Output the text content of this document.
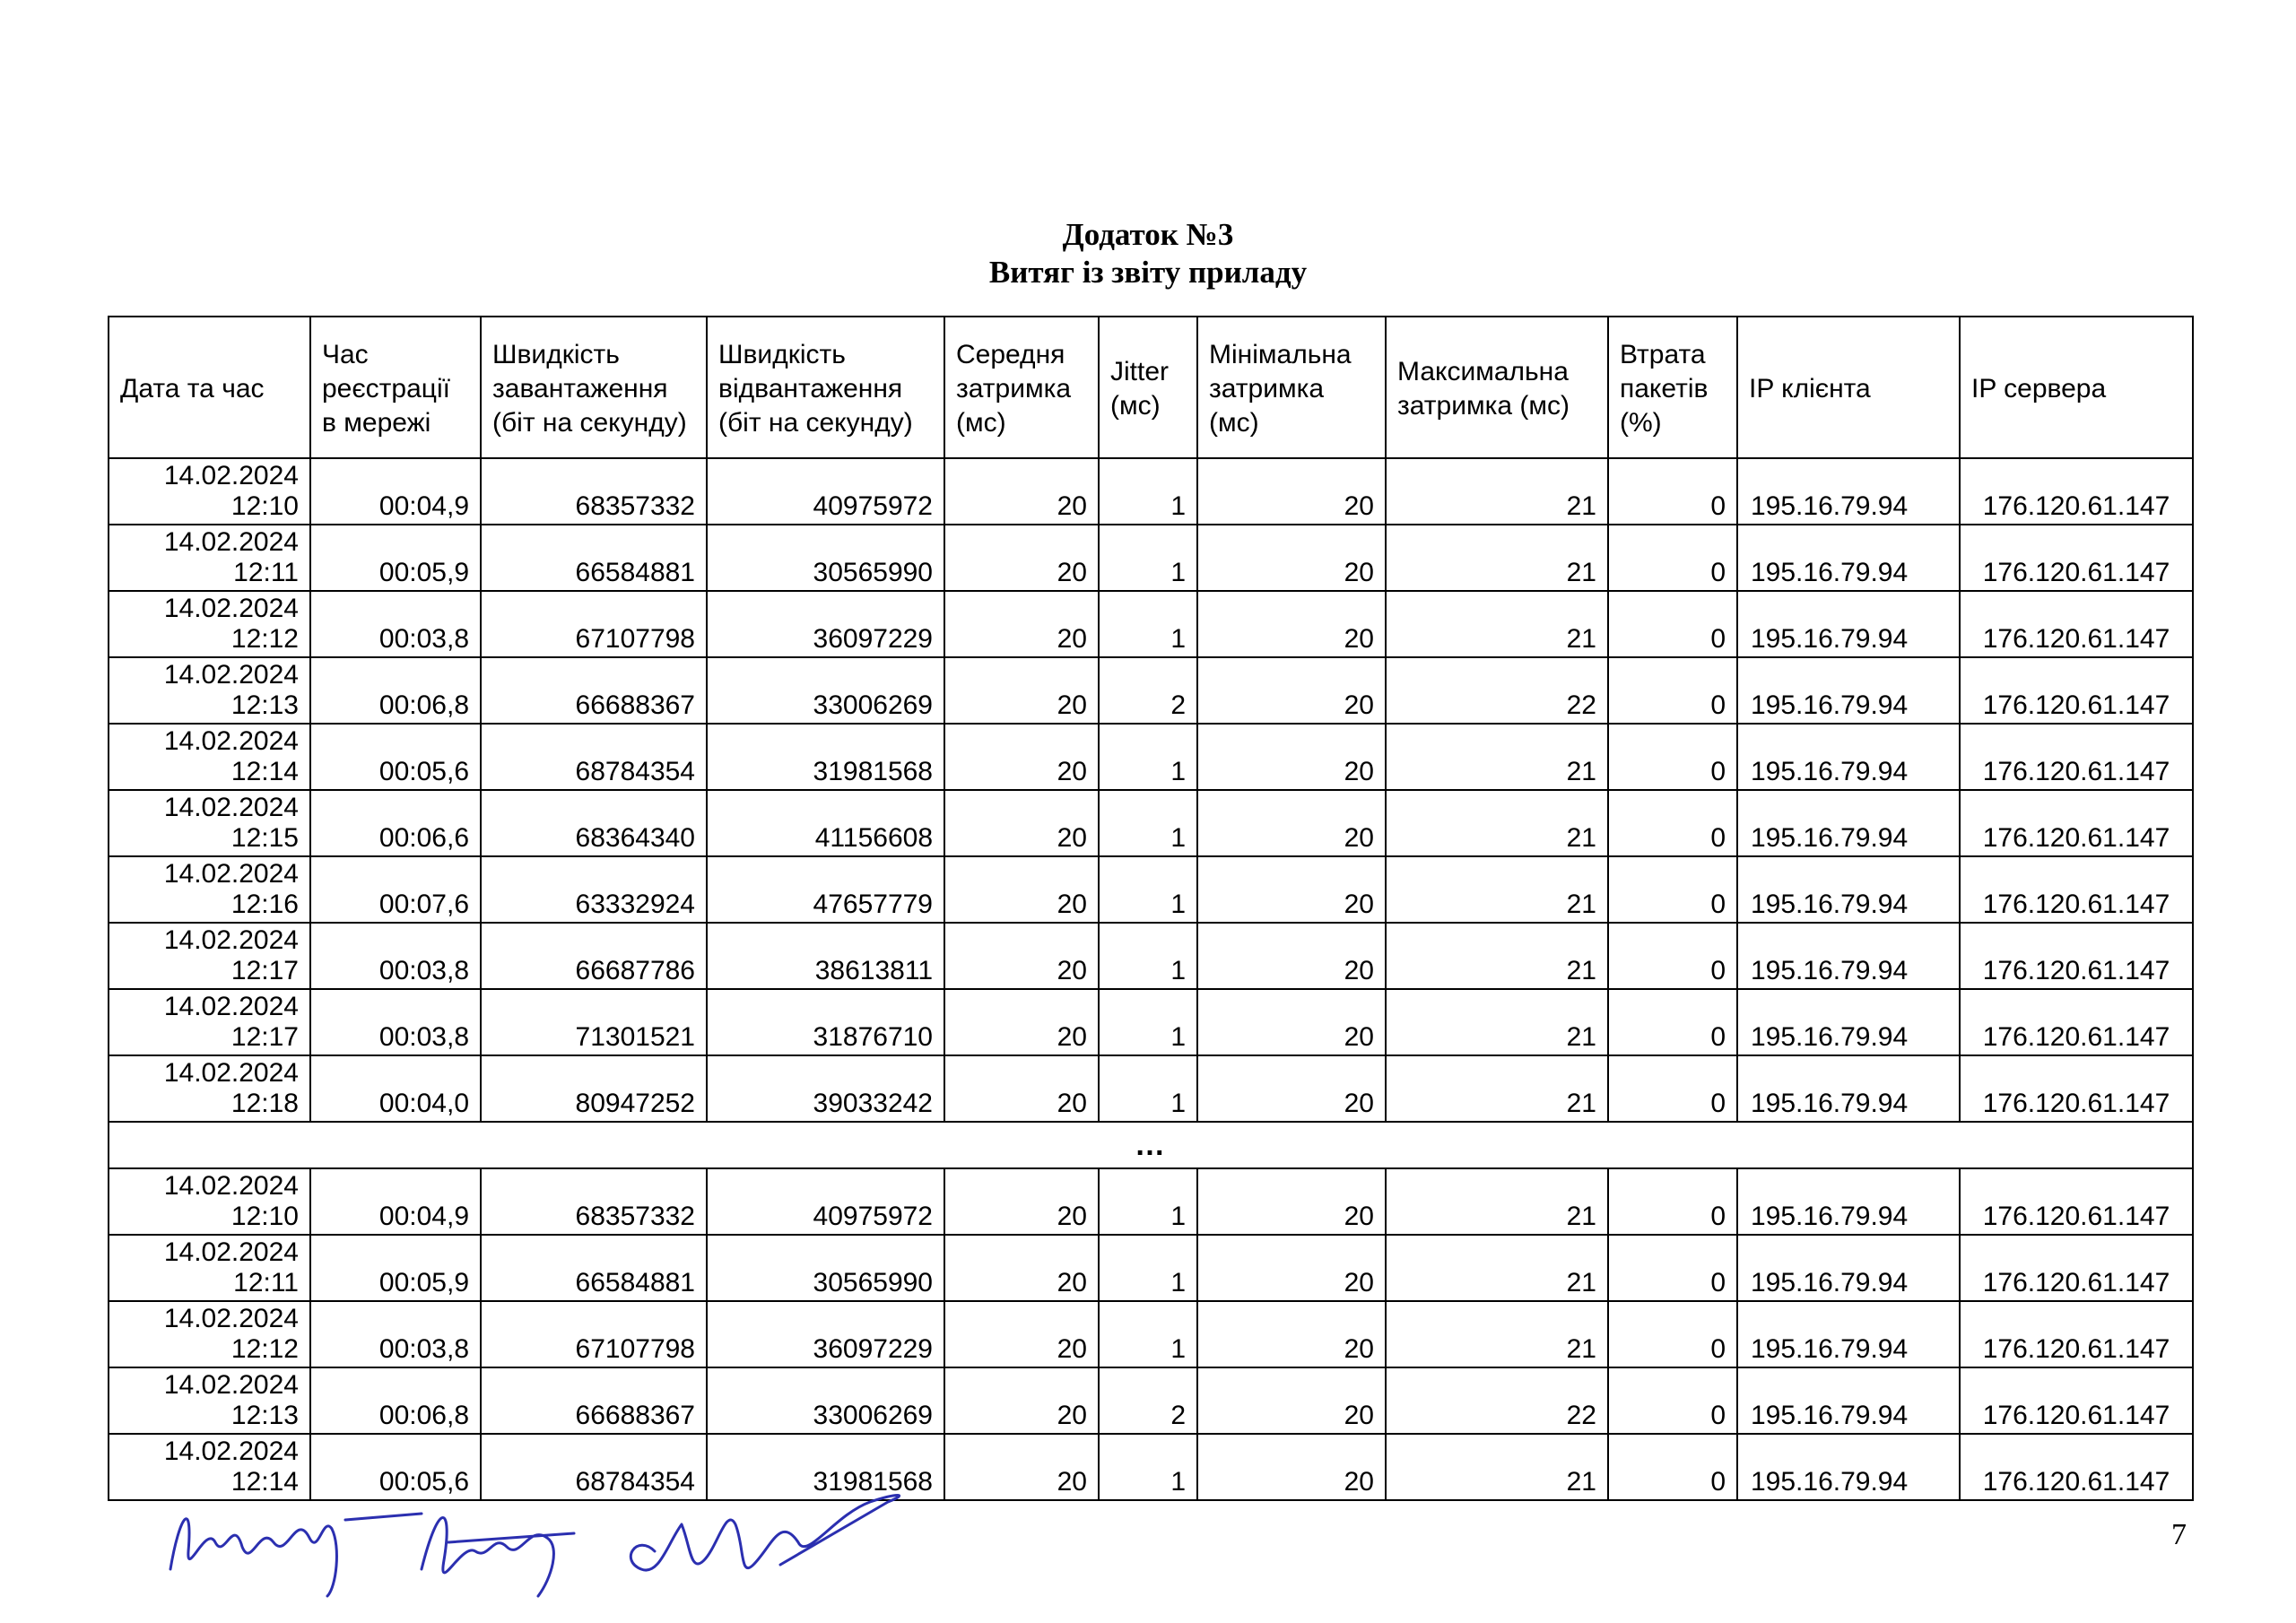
Додаток №3
Витяг із звіту приладу
Дата та час	Час реєстрації в мережі	Швидкість завантаження (біт на секунду)	Швидкість відвантаження (біт на секунду)	Середня затримка (мс)	Jitter (мс)	Мінімальна затримка (мс)	Максимальна затримка (мс)	Втрата пакетів (%)	IP клієнта	IP сервера
14.02.2024 12:10	00:04,9	68357332	40975972	20	1	20	21	0	195.16.79.94	176.120.61.147
14.02.2024 12:11	00:05,9	66584881	30565990	20	1	20	21	0	195.16.79.94	176.120.61.147
14.02.2024 12:12	00:03,8	67107798	36097229	20	1	20	21	0	195.16.79.94	176.120.61.147
14.02.2024 12:13	00:06,8	66688367	33006269	20	2	20	22	0	195.16.79.94	176.120.61.147
14.02.2024 12:14	00:05,6	68784354	31981568	20	1	20	21	0	195.16.79.94	176.120.61.147
14.02.2024 12:15	00:06,6	68364340	41156608	20	1	20	21	0	195.16.79.94	176.120.61.147
14.02.2024 12:16	00:07,6	63332924	47657779	20	1	20	21	0	195.16.79.94	176.120.61.147
14.02.2024 12:17	00:03,8	66687786	38613811	20	1	20	21	0	195.16.79.94	176.120.61.147
14.02.2024 12:17	00:03,8	71301521	31876710	20	1	20	21	0	195.16.79.94	176.120.61.147
14.02.2024 12:18	00:04,0	80947252	39033242	20	1	20	21	0	195.16.79.94	176.120.61.147
…										
14.02.2024 12:10	00:04,9	68357332	40975972	20	1	20	21	0	195.16.79.94	176.120.61.147
14.02.2024 12:11	00:05,9	66584881	30565990	20	1	20	21	0	195.16.79.94	176.120.61.147
14.02.2024 12:12	00:03,8	67107798	36097229	20	1	20	21	0	195.16.79.94	176.120.61.147
14.02.2024 12:13	00:06,8	66688367	33006269	20	2	20	22	0	195.16.79.94	176.120.61.147
14.02.2024 12:14	00:05,6	68784354	31981568	20	1	20	21	0	195.16.79.94	176.120.61.147
7
